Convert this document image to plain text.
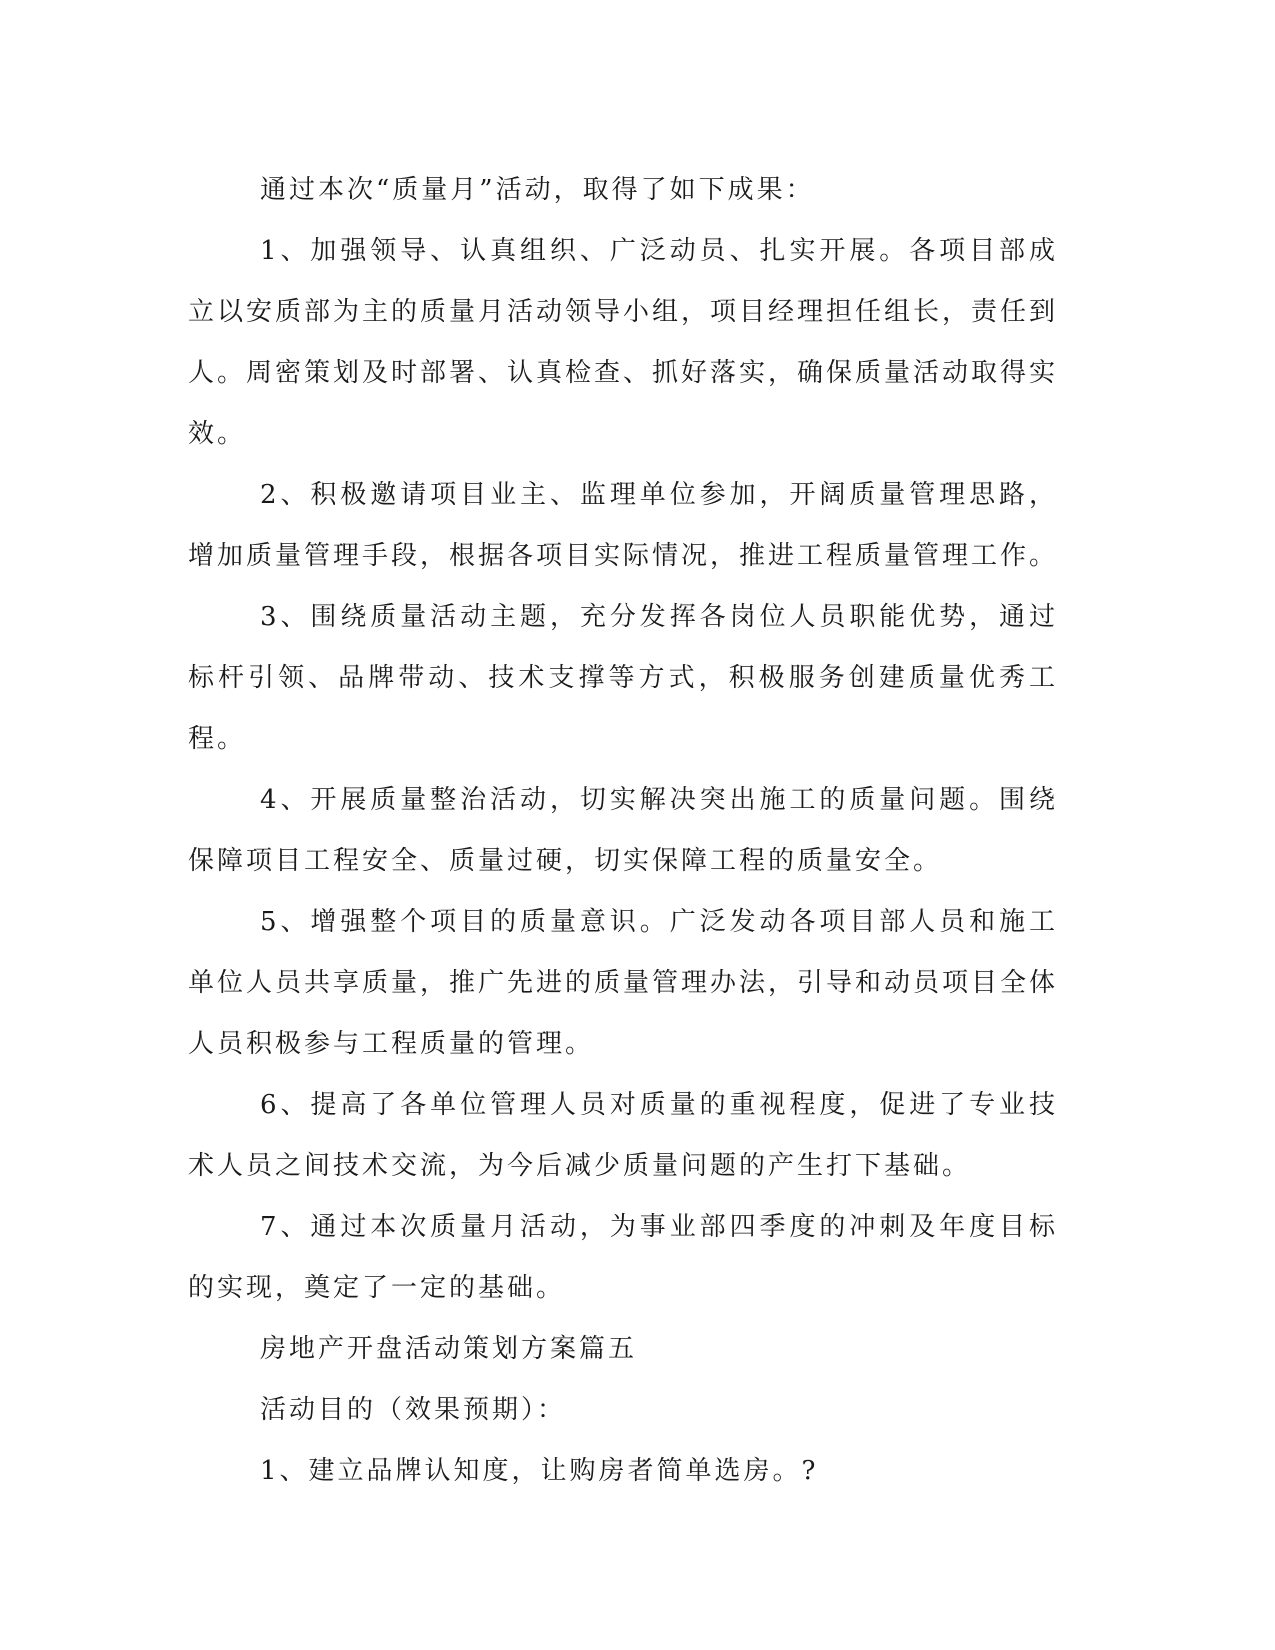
通过本次“质量月”活动，取得了如下成果：

1、加强领导、认真组织、广泛动员、扎实开展。各项目部成立以安质部为主的质量月活动领导小组，项目经理担任组长，责任到人。周密策划及时部署、认真检查、抓好落实，确保质量活动取得实效。

2、积极邀请项目业主、监理单位参加，开阔质量管理思路，增加质量管理手段，根据各项目实际情况，推进工程质量管理工作。

3、围绕质量活动主题，充分发挥各岗位人员职能优势，通过标杆引领、品牌带动、技术支撑等方式，积极服务创建质量优秀工程。

4、开展质量整治活动，切实解决突出施工的质量问题。围绕保障项目工程安全、质量过硬，切实保障工程的质量安全。

5、增强整个项目的质量意识。广泛发动各项目部人员和施工单位人员共享质量，推广先进的质量管理办法，引导和动员项目全体人员积极参与工程质量的管理。

6、提高了各单位管理人员对质量的重视程度，促进了专业技术人员之间技术交流，为今后减少质量问题的产生打下基础。

7、通过本次质量月活动，为事业部四季度的冲刺及年度目标的实现，奠定了一定的基础。

房地产开盘活动策划方案篇五

活动目的（效果预期）：

1、建立品牌认知度，让购房者简单选房。?
